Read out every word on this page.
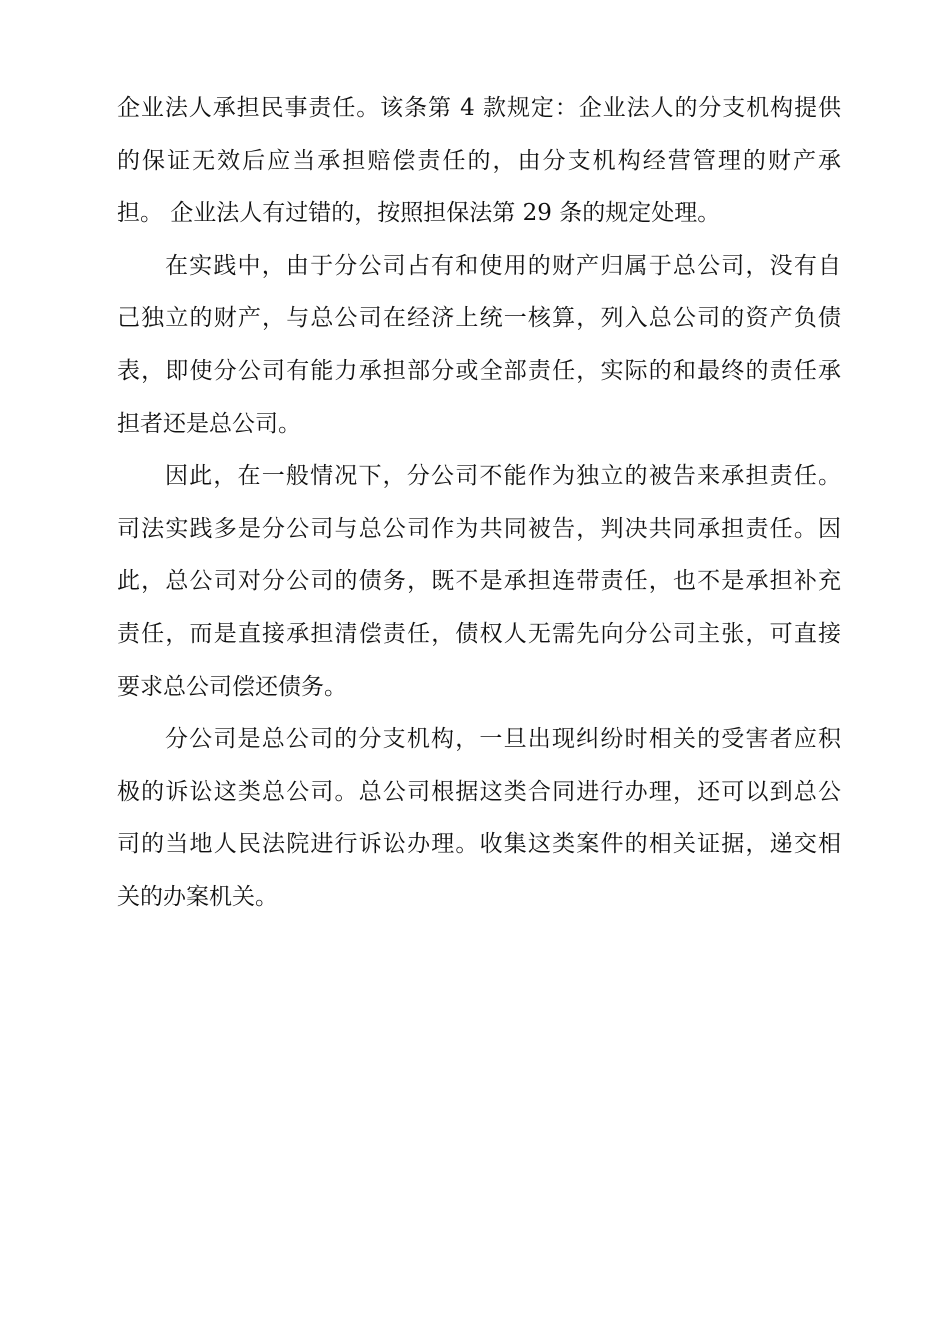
企业法人承担民事责任。该条第 4 款规定：企业法人的分支机构提供
的保证无效后应当承担赔偿责任的，由分支机构经营管理的财产承
担。 企业法人有过错的，按照担保法第 29 条的规定处理。
在实践中，由于分公司占有和使用的财产归属于总公司，没有自
己独立的财产，与总公司在经济上统一核算，列入总公司的资产负债
表，即使分公司有能力承担部分或全部责任，实际的和最终的责任承
担者还是总公司。
因此，在一般情况下，分公司不能作为独立的被告来承担责任。
司法实践多是分公司与总公司作为共同被告，判决共同承担责任。因
此，总公司对分公司的债务，既不是承担连带责任，也不是承担补充
责任，而是直接承担清偿责任，债权人无需先向分公司主张，可直接
要求总公司偿还债务。
分公司是总公司的分支机构，一旦出现纠纷时相关的受害者应积
极的诉讼这类总公司。总公司根据这类合同进行办理，还可以到总公
司的当地人民法院进行诉讼办理。收集这类案件的相关证据，递交相
关的办案机关。
